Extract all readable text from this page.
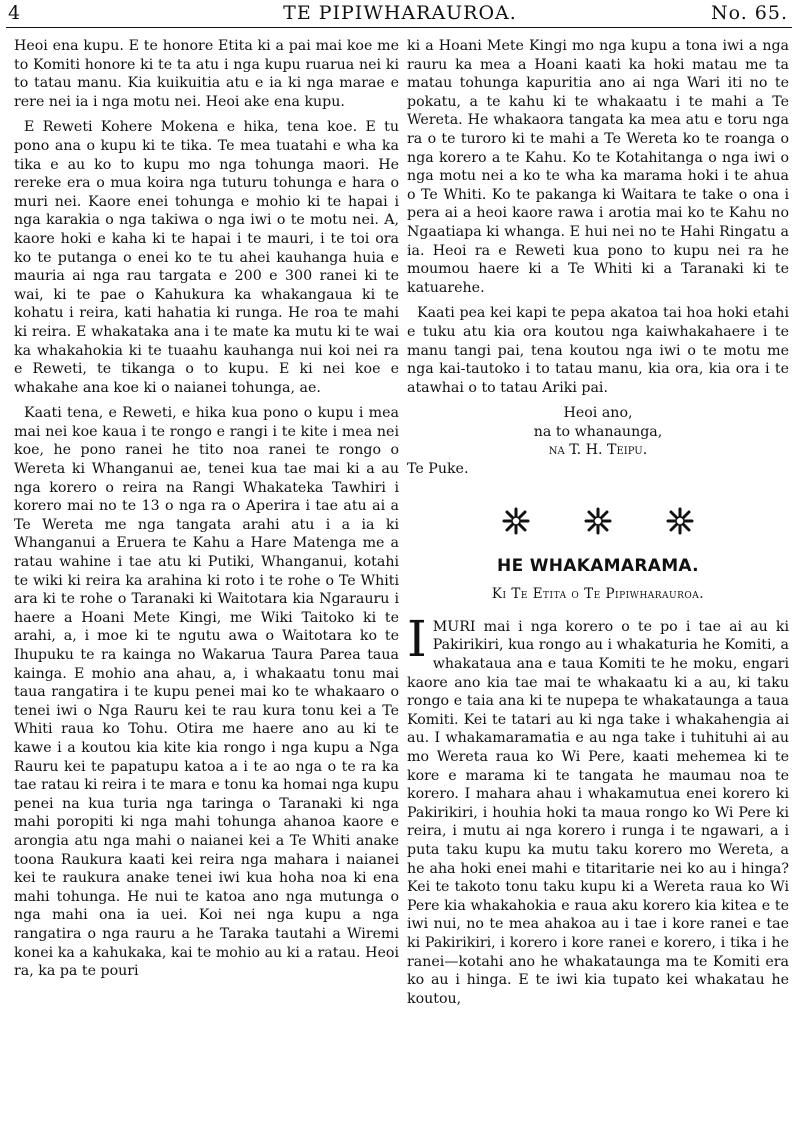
4	TE PIPIWHARAUROA.	No. 65.

Heoi ena kupu. E te honore Etita ki a pai mai koe me to Komiti honore ki te ta atu i nga kupu ruarua nei ki to tatau manu. Kia kuikuitia atu e ia ki nga marae e rere nei ia i nga motu nei. Heoi ake ena kupu.

E Reweti Kohere Mokena e hika, tena koe. E tu pono ana o kupu ki te tika. Te mea tuatahi e wha ka tika e au ko to kupu mo nga tohunga maori. He rereke era o mua koira nga tuturu tohunga e hara o muri nei. Kaore enei tohunga e mohio ki te hapai i nga karakia o nga takiwa o nga iwi o te motu nei. A, kaore hoki e kaha ki te hapai i te mauri, i te toi ora ko te putanga o enei ko te tu ahei kauhanga huia e mauria ai nga rau targata e 200 e 300 ranei ki te wai, ki te pae o Kahukura ka whakangaua ki te kohatu i reira, kati hahatia ki runga. He roa te mahi ki reira. E whakataka ana i te mate ka mutu ki te wai ka whakahokia ki te tuaahu kauhanga nui koi nei ra e Reweti, te tikanga o to kupu. E ki nei koe e whakahe ana koe ki o naianei tohunga, ae.

Kaati tena, e Reweti, e hika kua pono o kupu i mea mai nei koe kaua i te rongo e rangi i te kite i mea nei koe, he pono ranei he tito noa ranei te rongo o Wereta ki Whanganui ae, tenei kua tae mai ki a au nga korero o reira na Rangi Whakateka Tawhiri i korero mai no te 13 o nga ra o Aperira i tae atu ai a Te Wereta me nga tangata arahi atu i a ia ki Whanganui a Eruera te Kahu a Hare Matenga me a ratau wahine i tae atu ki Putiki, Whanganui, kotahi te wiki ki reira ka arahina ki roto i te rohe o Te Whiti ara ki te rohe o Taranaki ki Waitotara kia Ngarauru i haere a Hoani Mete Kingi, me Wiki Taitoko ki te arahi, a, i moe ki te ngutu awa o Waitotara ko te Ihupuku te ra kainga no Wakarua Taura Parea taua kainga. E mohio ana ahau, a, i whakaatu tonu mai taua rangatira i te kupu penei mai ko te whakaaro o tenei iwi o Nga Rauru kei te rau kura tonu kei a Te Whiti raua ko Tohu. Otira me haere ano au ki te kawe i a koutou kia kite kia rongo i nga kupu a Nga Rauru kei te papatupu katoa a i te ao nga o te ra ka tae ratau ki reira i te mara e tonu ka homai nga kupu penei na kua turia nga taringa o Taranaki ki nga mahi poropiti ki nga mahi tohunga ahanoa kaore e arongia atu nga mahi o naianei kei a Te Whiti anake toona Raukura kaati kei reira nga mahara i naianei kei te raukura anake tenei iwi kua hoha noa ki ena mahi tohunga. He nui te katoa ano nga mutunga o nga mahi ona ia uei. Koi nei nga kupu a nga rangatira o nga rauru a he Taraka tautahi a Wiremi konei ka a kahukaka, kai te mohio au ki a ratau. Heoi ra, ka pa te pouri

ki a Hoani Mete Kingi mo nga kupu a tona iwi a nga rauru ka mea a Hoani kaati ka hoki matau me ta matau tohunga kapuritia ano ai nga Wari iti no te pokatu, a te kahu ki te whakaatu i te mahi a Te Wereta. He whakaora tangata ka mea atu e toru nga ra o te turoro ki te mahi a Te Wereta ko te roanga o nga korero a te Kahu. Ko te Kotahitanga o nga iwi o nga motu nei a ko te wha ka marama hoki i te ahua o Te Whiti. Ko te pakanga ki Waitara te take o ona i pera ai a heoi kaore rawa i arotia mai ko te Kahu no Ngaatiapa ki whanga. E hui nei no te Hahi Ringatu a ia. Heoi ra e Reweti kua pono to kupu nei ra he moumou haere ki a Te Whiti ki a Taranaki ki te katuarehe.

Kaati pea kei kapi te pepa akatoa tai hoa hoki etahi e tuku atu kia ora koutou nga kaiwhakahaere i te manu tangi pai, tena koutou nga iwi o te motu me nga kai-tautoko i to tatau manu, kia ora, kia ora i te atawhai o to tatau Ariki pai.

Heoi ano,
na to whanaunga,
na T. H. Teipu.
Te Puke.
HE WHAKAMARAMA.
Ki Te Etita o Te Pipiwharauroa.

IMURI mai i nga korero o te po i tae ai au ki Pakirikiri, kua rongo au i whakaturia he Komiti, a whakataua ana e taua Komiti te he moku, engari kaore ano kia tae mai te whakaatu ki a au, ki taku rongo e taia ana ki te nupepa te whakataunga a taua Komiti. Kei te tatari au ki nga take i whakahengia ai au. I whakamaramatia e au nga take i tuhituhi ai au mo Wereta raua ko Wi Pere, kaati mehemea ki te kore e marama ki te tangata he maumau noa te korero. I mahara ahau i whakamutua enei korero ki Pakirikiri, i houhia hoki ta maua rongo ko Wi Pere ki reira, i mutu ai nga korero i runga i te ngawari, a i puta taku kupu ka mutu taku korero mo Wereta, a he aha hoki enei mahi e titaritarie nei ko au i hinga? Kei te takoto tonu taku kupu ki a Wereta raua ko Wi Pere kia whakahokia e raua aku korero kia kitea e te iwi nui, no te mea ahakoa au i tae i kore ranei e tae ki Pakirikiri, i korero i kore ranei e korero, i tika i he ranei—kotahi ano he whakataunga ma te Komiti era ko au i hinga. E te iwi kia tupato kei whakatau he koutou,
